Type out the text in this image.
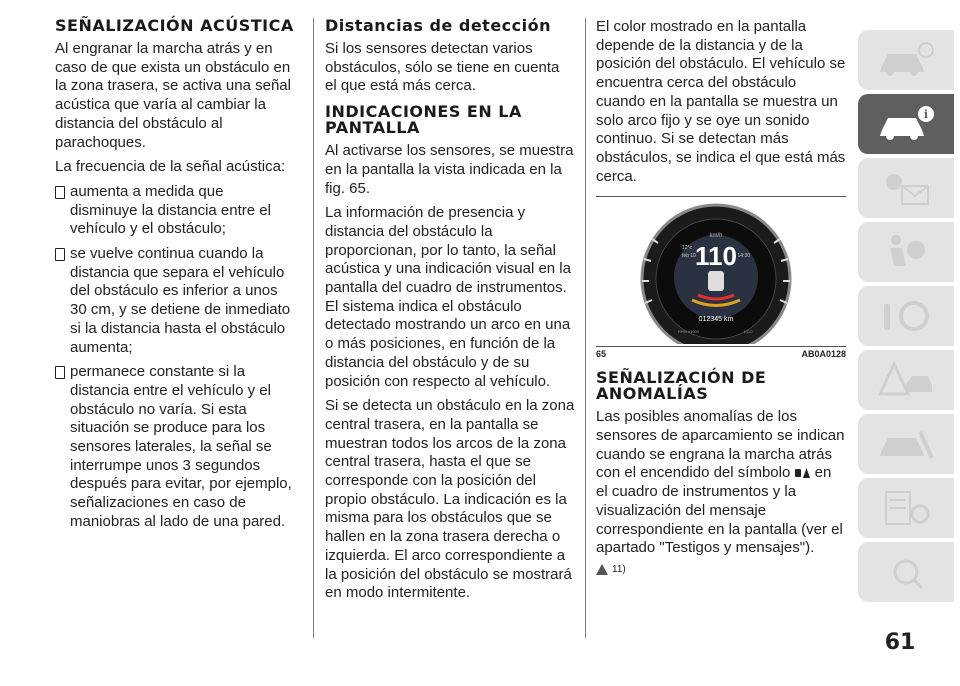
SEÑALIZACIÓN ACÚSTICA

Al engranar la marcha atrás y en caso de que exista un obstáculo en la zona trasera, se activa una señal acústica que varía al cambiar la distancia del obstáculo al parachoques.

La frecuencia de la señal acústica:

aumenta a medida que disminuye la distancia entre el vehículo y el obstáculo;
se vuelve continua cuando la distancia que separa el vehículo del obstáculo es inferior a unos 30 cm, y se detiene de inmediato si la distancia hasta el obstáculo aumenta;
permanece constante si la distancia entre el vehículo y el obstáculo no varía. Si esta situación se produce para los sensores laterales, la señal se interrumpe unos 3 segundos después para evitar, por ejemplo, señalizaciones en caso de maniobras al lado de una pared.
Distancias de detección

Si los sensores detectan varios obstáculos, sólo se tiene en cuenta el que está más cerca.

INDICACIONES EN LA PANTALLA

Al activarse los sensores, se muestra en la pantalla la vista indicada en la fig. 65.

La información de presencia y distancia del obstáculo la proporcionan, por lo tanto, la señal acústica y una indicación visual en la pantalla del cuadro de instrumentos. El sistema indica el obstáculo detectado mostrando un arco en una o más posiciones, en función de la distancia del obstáculo y de su posición con respecto al vehículo.

Si se detecta un obstáculo en la zona central trasera, en la pantalla se muestran todos los arcos de la zona central trasera, hasta el que se corresponde con la posición del propio obstáculo. La indicación es la misma para los obstáculos que se hallen en la zona trasera derecha o izquierda. El arco correspondiente a la posición del obstáculo se mostrará en modo intermitente.

El color mostrado en la pantalla depende de la distancia y de la posición del obstáculo. El vehículo se encuentra cerca del obstáculo cuando en la pantalla se muestra un solo arco fijo y se oye un sonido continuo. Si se detectan más obstáculos, se indica el que está más cerca.

km/h
110
12°c
feb 10	14:30
012345 km
RPM x1000	ECO
65	AB0A0128
SEÑALIZACIÓN DE ANOMALÍAS

Las posibles anomalías de los sensores de aparcamiento se indican cuando se engrana la marcha atrás con el encendido del símbolo en el cuadro de instrumentos y la visualización del mensaje correspondiente en la pantalla (ver el apartado "Testigos y mensajes").

11)
i
61
